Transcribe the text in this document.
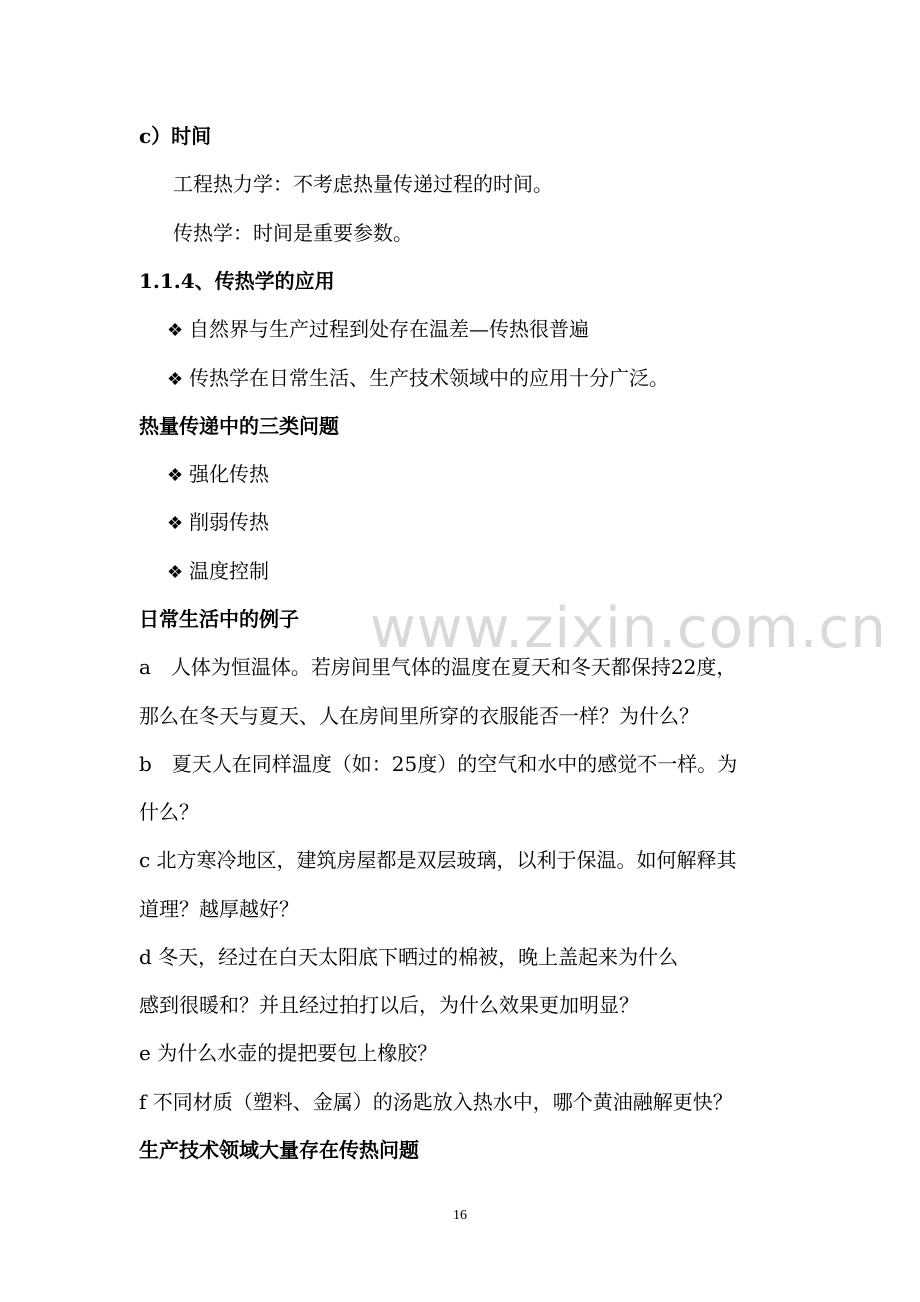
www.zixin.com.cn
c）时间
工程热力学：不考虑热量传递过程的时间。
传热学：时间是重要参数。
1.1.4、传热学的应用
❖ 自然界与生产过程到处存在温差—传热很普遍
❖ 传热学在日常生活、生产技术领域中的应用十分广泛。
热量传递中的三类问题
❖ 强化传热
❖ 削弱传热
❖ 温度控制
日常生活中的例子
a　人体为恒温体。若房间里气体的温度在夏天和冬天都保持22度，
那么在冬天与夏天、人在房间里所穿的衣服能否一样？为什么？
b　夏天人在同样温度（如：25度）的空气和水中的感觉不一样。为
什么？
c 北方寒冷地区，建筑房屋都是双层玻璃，以利于保温。如何解释其
道理？越厚越好？
d 冬天，经过在白天太阳底下晒过的棉被，晚上盖起来为什么
感到很暖和？并且经过拍打以后，为什么效果更加明显？
e 为什么水壶的提把要包上橡胶？
f 不同材质（塑料、金属）的汤匙放入热水中，哪个黄油融解更快？
生产技术领域大量存在传热问题
16
